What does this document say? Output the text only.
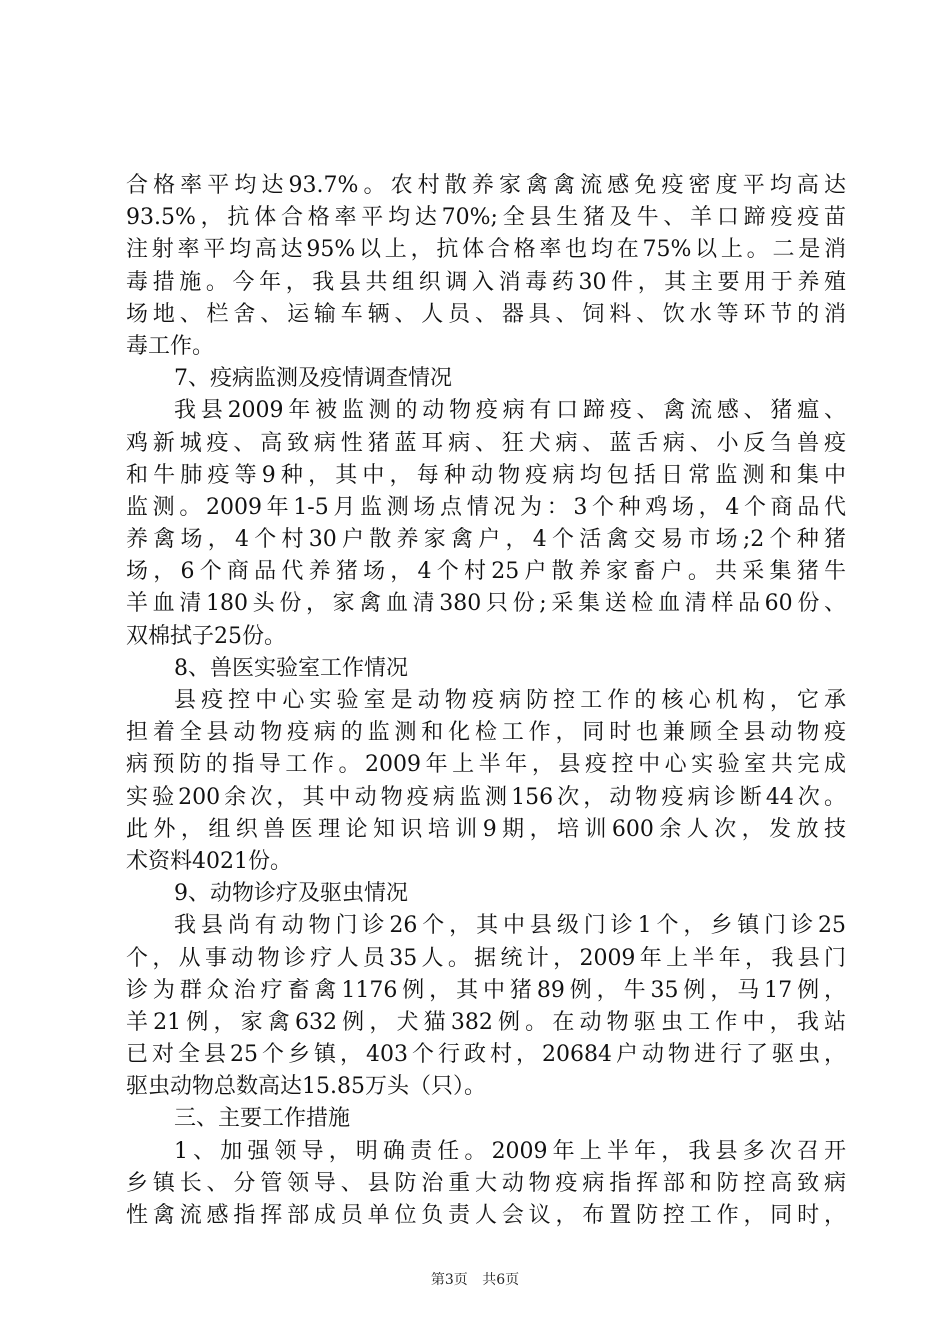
合格率平均达93.7%。农村散养家禽禽流感免疫密度平均高达
93.5%，抗体合格率平均达70%;全县生猪及牛、羊口蹄疫疫苗
注射率平均高达95%以上，抗体合格率也均在75%以上。二是消
毒措施。今年，我县共组织调入消毒药30件，其主要用于养殖
场地、栏舍、运输车辆、人员、器具、饲料、饮水等环节的消
毒工作。
7、疫病监测及疫情调查情况
我县2009年被监测的动物疫病有口蹄疫、禽流感、猪瘟、
鸡新城疫、高致病性猪蓝耳病、狂犬病、蓝舌病、小反刍兽疫
和牛肺疫等9种，其中，每种动物疫病均包括日常监测和集中
监测。2009年1-5月监测场点情况为：3个种鸡场，4个商品代
养禽场，4个村30户散养家禽户，4个活禽交易市场;2个种猪
场，6个商品代养猪场，4个村25户散养家畜户。共采集猪牛
羊血清180头份，家禽血清380只份;采集送检血清样品60份、
双棉拭子25份。
8、兽医实验室工作情况
县疫控中心实验室是动物疫病防控工作的核心机构，它承
担着全县动物疫病的监测和化检工作，同时也兼顾全县动物疫
病预防的指导工作。2009年上半年，县疫控中心实验室共完成
实验200余次，其中动物疫病监测156次，动物疫病诊断44次。
此外，组织兽医理论知识培训9期，培训600余人次，发放技
术资料4021份。
9、动物诊疗及驱虫情况
我县尚有动物门诊26个，其中县级门诊1个，乡镇门诊25
个，从事动物诊疗人员35人。据统计，2009年上半年，我县门
诊为群众治疗畜禽1176例，其中猪89例，牛35例，马17例，
羊21例，家禽632例，犬猫382例。在动物驱虫工作中，我站
已对全县25个乡镇，403个行政村，20684户动物进行了驱虫，
驱虫动物总数高达15.85万头（只）。
三、主要工作措施
1、加强领导，明确责任。2009年上半年，我县多次召开
乡镇长、分管领导、县防治重大动物疫病指挥部和防控高致病
性禽流感指挥部成员单位负责人会议，布置防控工作，同时，
第3页 共6页
